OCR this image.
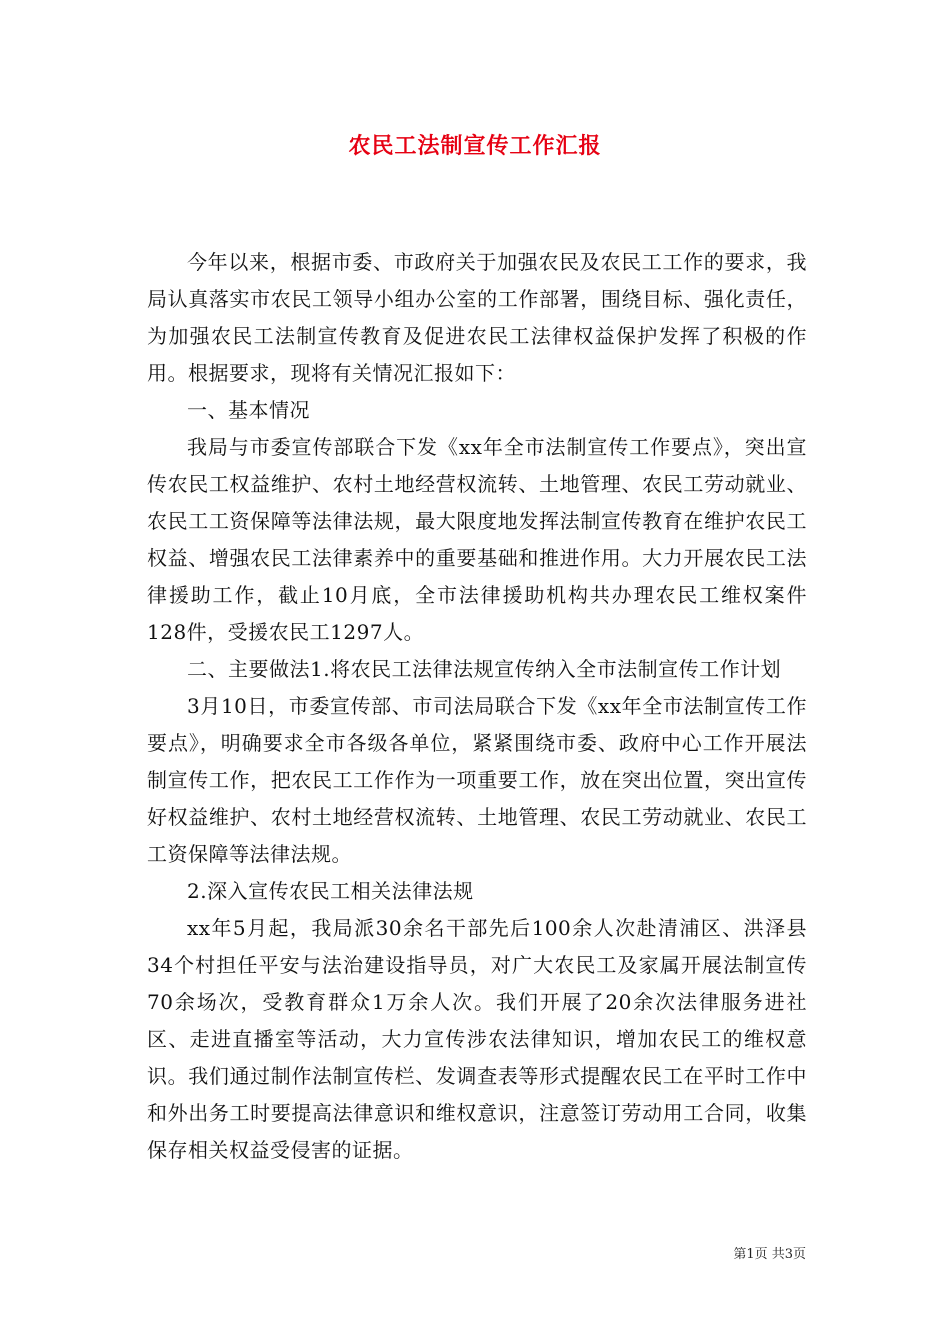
农民工法制宣传工作汇报

今年以来，根据市委、市政府关于加强农民及农民工工作的要求，我局认真落实市农民工领导小组办公室的工作部署，围绕目标、强化责任，为加强农民工法制宣传教育及促进农民工法律权益保护发挥了积极的作用。根据要求，现将有关情况汇报如下：

一、基本情况

我局与市委宣传部联合下发《xx年全市法制宣传工作要点》，突出宣传农民工权益维护、农村土地经营权流转、土地管理、农民工劳动就业、农民工工资保障等法律法规，最大限度地发挥法制宣传教育在维护农民工权益、增强农民工法律素养中的重要基础和推进作用。大力开展农民工法律援助工作，截止10月底，全市法律援助机构共办理农民工维权案件128件，受援农民工1297人。

二、主要做法1.将农民工法律法规宣传纳入全市法制宣传工作计划

3月10日，市委宣传部、市司法局联合下发《xx年全市法制宣传工作要点》，明确要求全市各级各单位，紧紧围绕市委、政府中心工作开展法制宣传工作，把农民工工作作为一项重要工作，放在突出位置，突出宣传好权益维护、农村土地经营权流转、土地管理、农民工劳动就业、农民工工资保障等法律法规。

2.深入宣传农民工相关法律法规

xx年5月起，我局派30余名干部先后100余人次赴清浦区、洪泽县34个村担任平安与法治建设指导员，对广大农民工及家属开展法制宣传70余场次，受教育群众1万余人次。我们开展了20余次法律服务进社区、走进直播室等活动，大力宣传涉农法律知识，增加农民工的维权意识。我们通过制作法制宣传栏、发调查表等形式提醒农民工在平时工作中和外出务工时要提高法律意识和维权意识，注意签订劳动用工合同，收集保存相关权益受侵害的证据。

第1页 共3页
